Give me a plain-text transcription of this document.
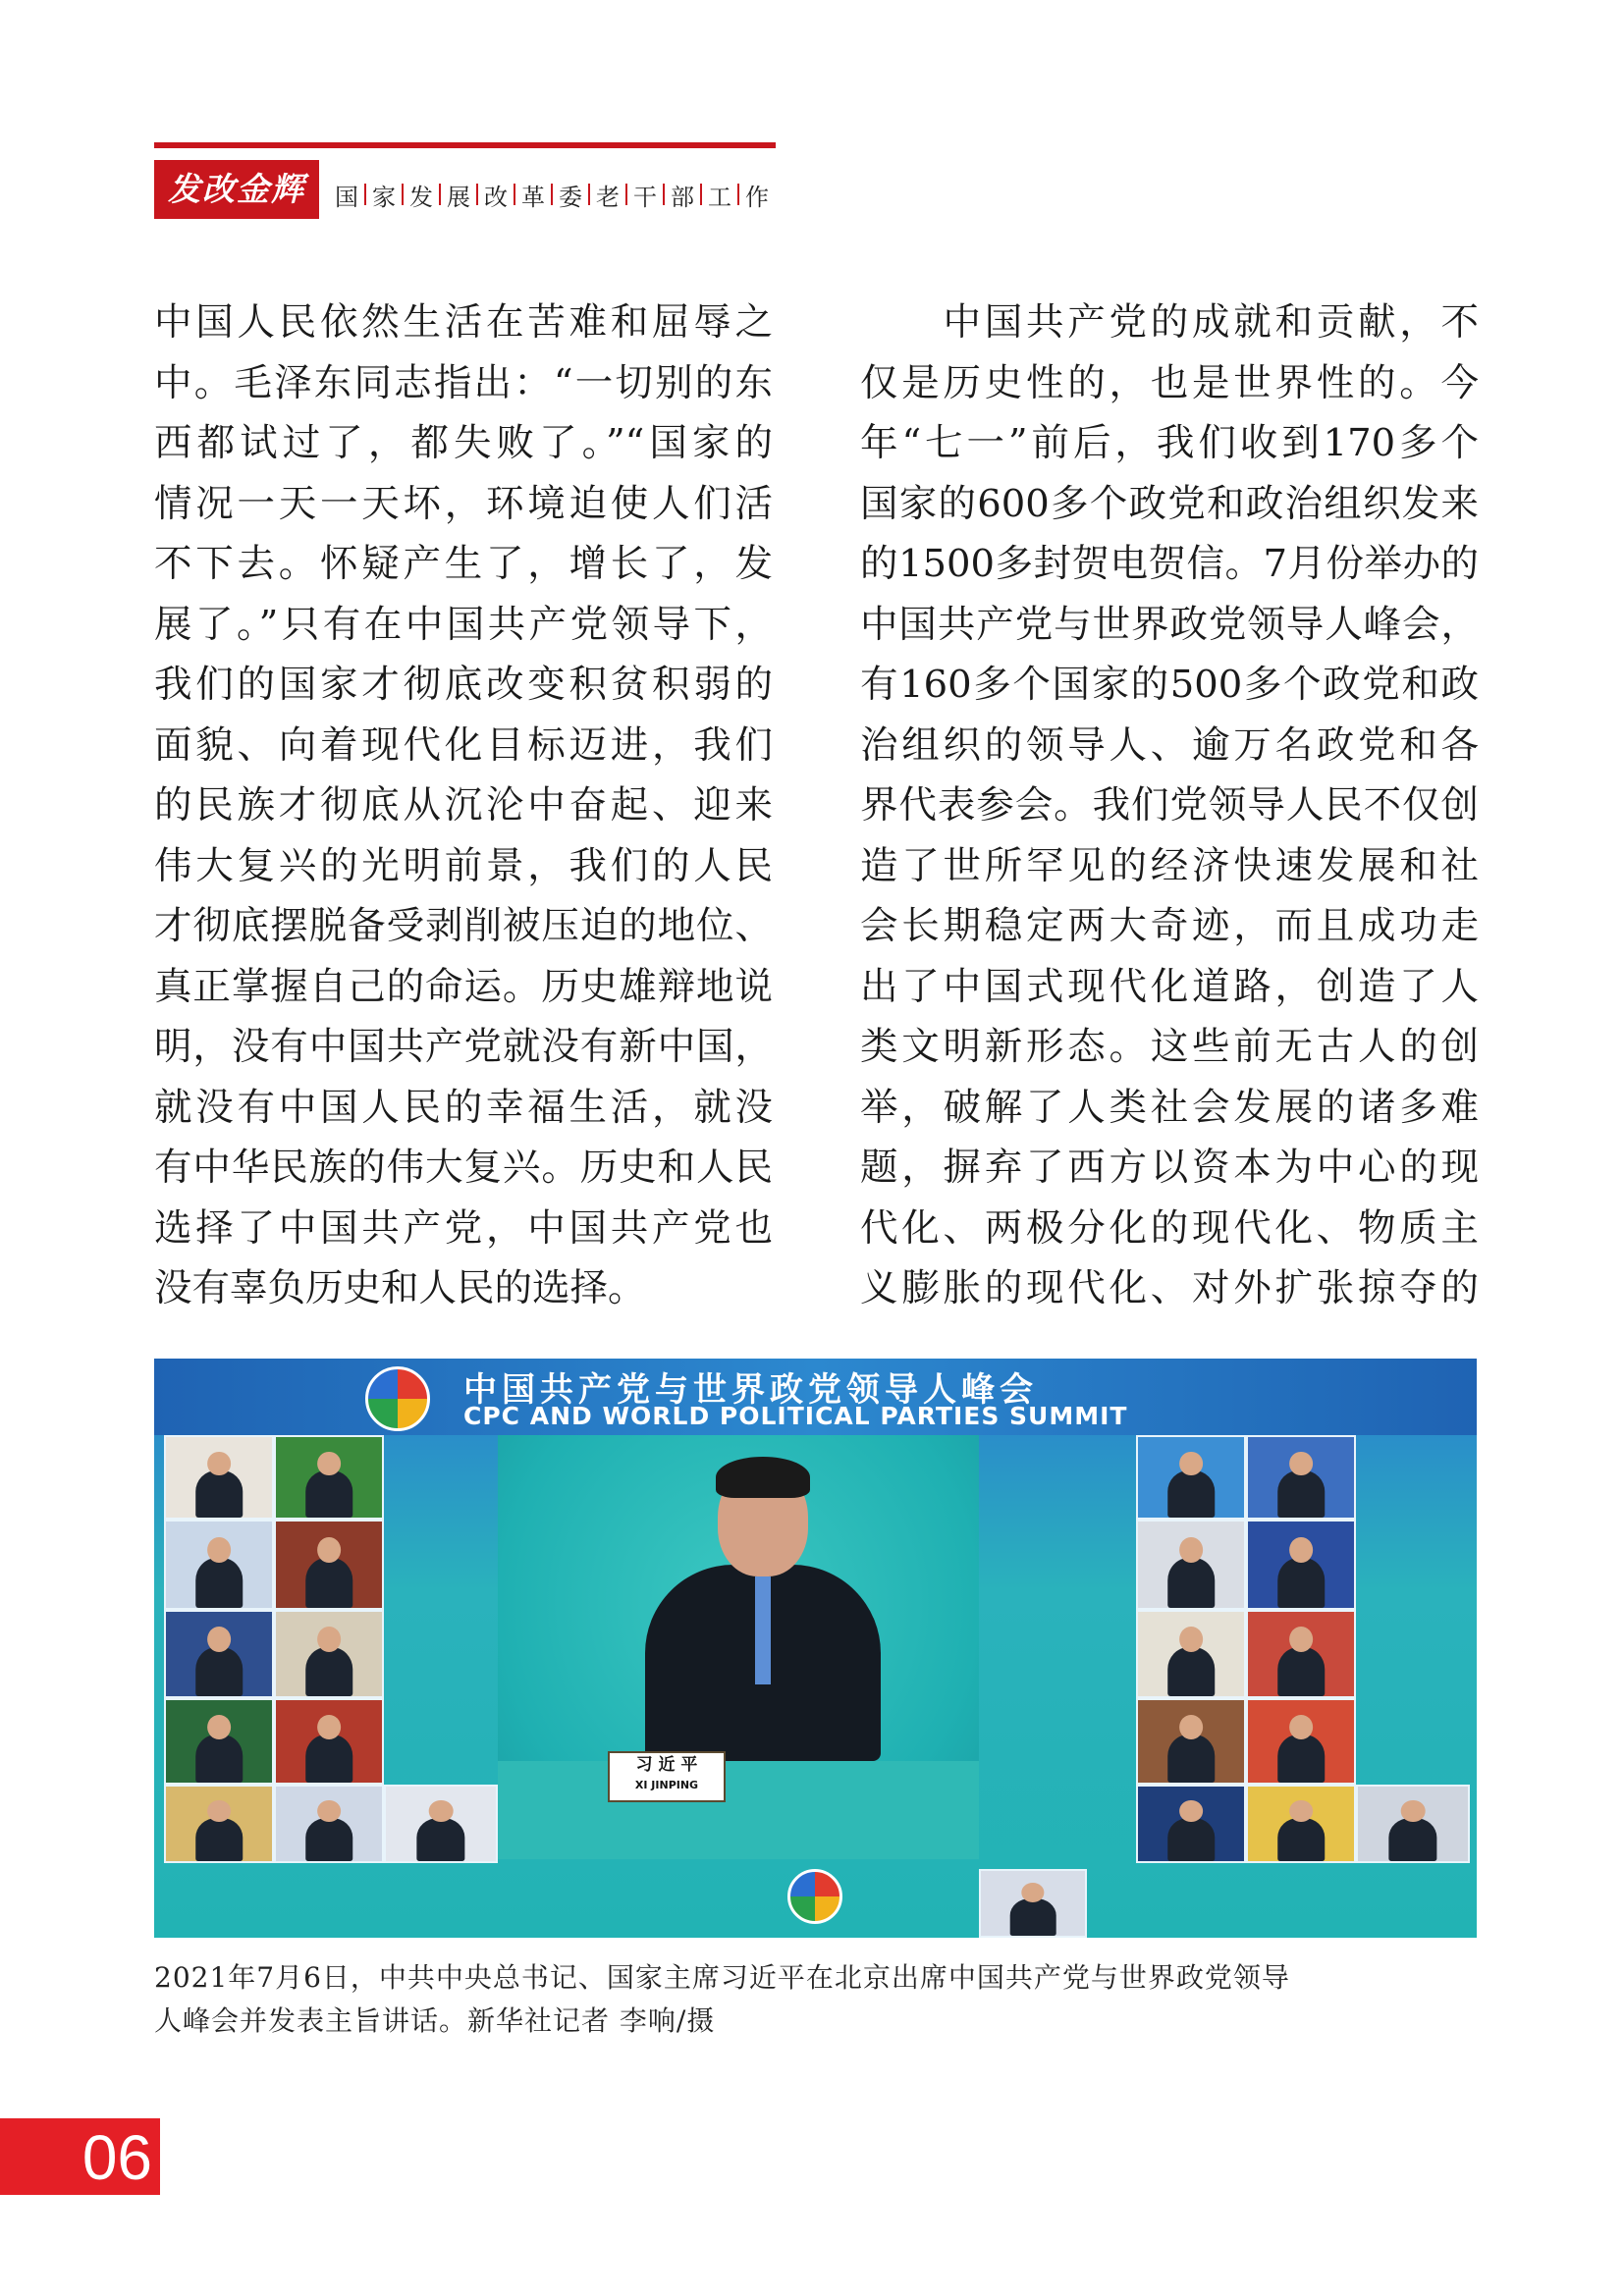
发改金辉	国 家 发 展 改 革 委 老 干 部 工 作
中国人民依然生活在苦难和屈辱之
中。毛泽东同志指出：“一切别的东
西都试过了，都失败了。”“国家的
情况一天一天坏，环境迫使人们活
不下去。怀疑产生了，增长了，发
展了。”只有在中国共产党领导下，
我们的国家才彻底改变积贫积弱的
面貌、向着现代化目标迈进，我们
的民族才彻底从沉沦中奋起、迎来
伟大复兴的光明前景，我们的人民
才彻底摆脱备受剥削被压迫的地位、
真正掌握自己的命运。历史雄辩地说
明，没有中国共产党就没有新中国，
就没有中国人民的幸福生活，就没
有中华民族的伟大复兴。历史和人民
选择了中国共产党，中国共产党也
没有辜负历史和人民的选择。
　　中国共产党的成就和贡献，不
仅是历史性的，也是世界性的。今
年“七一”前后，我们收到170多个
国家的600多个政党和政治组织发来
的1500多封贺电贺信。7月份举办的
中国共产党与世界政党领导人峰会，
有160多个国家的500多个政党和政
治组织的领导人、逾万名政党和各
界代表参会。我们党领导人民不仅创
造了世所罕见的经济快速发展和社
会长期稳定两大奇迹，而且成功走
出了中国式现代化道路，创造了人
类文明新形态。这些前无古人的创
举，破解了人类社会发展的诸多难
题，摒弃了西方以资本为中心的现
代化、两极分化的现代化、物质主
义膨胀的现代化、对外扩张掠夺的
中国共产党与世界政党领导人峰会
CPC AND WORLD POLITICAL PARTIES SUMMIT
习 近 平
XI JINPING
2021年7月6日，中共中央总书记、国家主席习近平在北京出席中国共产党与世界政党领导
人峰会并发表主旨讲话。新华社记者 李响/摄
06
